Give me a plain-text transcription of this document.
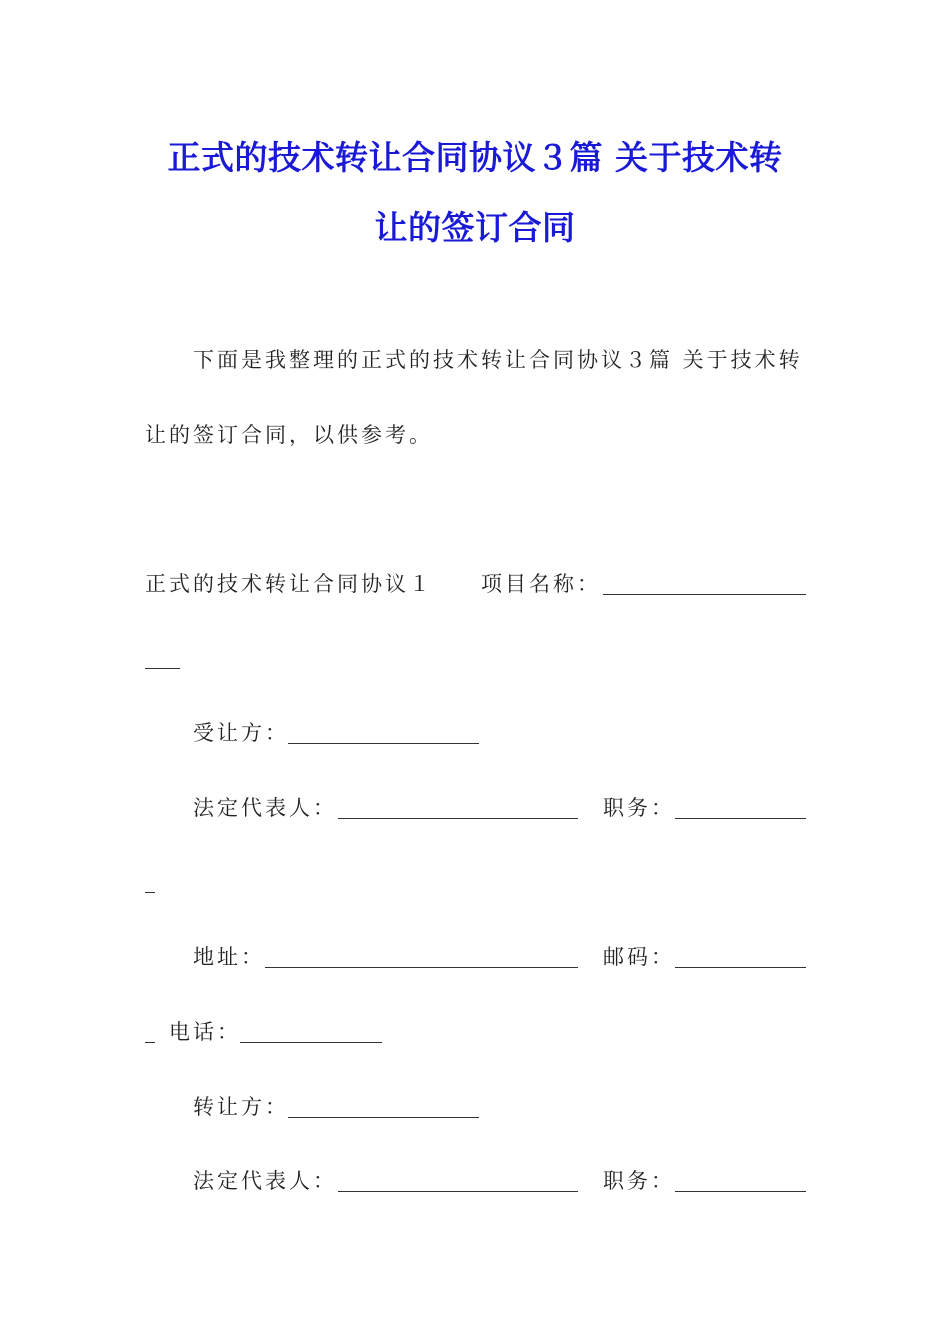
正式的技术转让合同协议３篇 关于技术转
让的签订合同
下面是我整理的正式的技术转让合同协议３篇 关于技术转
让的签订合同，以供参考。
正式的技术转让合同协议１ 项目名称：
受让方：
法定代表人：	职务：
地址：	邮码：
电话：
转让方：
法定代表人：	职务：
